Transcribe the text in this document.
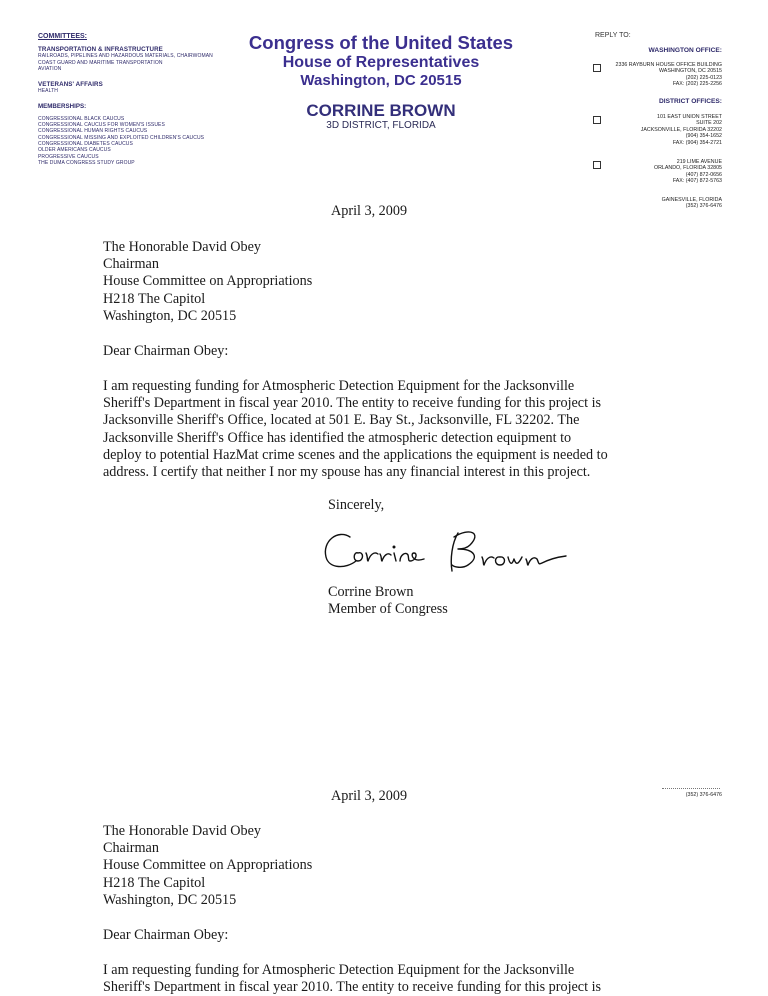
COMMITTEES:
TRANSPORTATION & INFRASTRUCTURE
RAILROADS, PIPELINES AND HAZARDOUS MATERIALS, CHAIRWOMAN
COAST GUARD AND MARITIME TRANSPORTATION
AVIATION
VETERANS' AFFAIRS
HEALTH
MEMBERSHIPS:
CONGRESSIONAL BLACK CAUCUS
CONGRESSIONAL CAUCUS FOR WOMEN'S ISSUES
CONGRESSIONAL HUMAN RIGHTS CAUCUS
CONGRESSIONAL MISSING AND EXPLOITED CHILDREN'S CAUCUS
CONGRESSIONAL DIABETES CAUCUS
OLDER AMERICANS CAUCUS
PROGRESSIVE CAUCUS
THE DUMA CONGRESS STUDY GROUP
Congress of the United States
House of Representatives
Washington, DC 20515
CORRINE BROWN
3D DISTRICT, FLORIDA
REPLY TO:
WASHINGTON OFFICE:
2336 RAYBURN HOUSE OFFICE BUILDING
WASHINGTON, DC 20515
(202) 225-0123
FAX: (202) 225-2256
DISTRICT OFFICES:
101 EAST UNION STREET
SUITE 202
JACKSONVILLE, FLORIDA 32202
(904) 354-1652
FAX: (904) 354-2721
219 LIME AVENUE
ORLANDO, FLORIDA 32805
(407) 872-0656
FAX: (407) 872-5763
GAINESVILLE, FLORIDA
(352) 376-6476
April 3, 2009
The Honorable David Obey
Chairman
House Committee on Appropriations
H218 The Capitol
Washington, DC 20515
Dear Chairman Obey:
I am requesting funding for Atmospheric Detection Equipment for the Jacksonville
Sheriff's Department in fiscal year 2010. The entity to receive funding for this project is
Jacksonville Sheriff's Office, located at 501 E. Bay St., Jacksonville, FL 32202. The
Jacksonville Sheriff's Office has identified the atmospheric detection equipment to
deploy to potential HazMat crime scenes and the applications the equipment is needed to
address. I certify that neither I nor my spouse has any financial interest in this project.
Sincerely,
Corrine Brown
Member of Congress
(352) 376-6476
April 3, 2009
The Honorable David Obey
Chairman
House Committee on Appropriations
H218 The Capitol
Washington, DC 20515
Dear Chairman Obey:
I am requesting funding for Atmospheric Detection Equipment for the Jacksonville
Sheriff's Department in fiscal year 2010. The entity to receive funding for this project is
